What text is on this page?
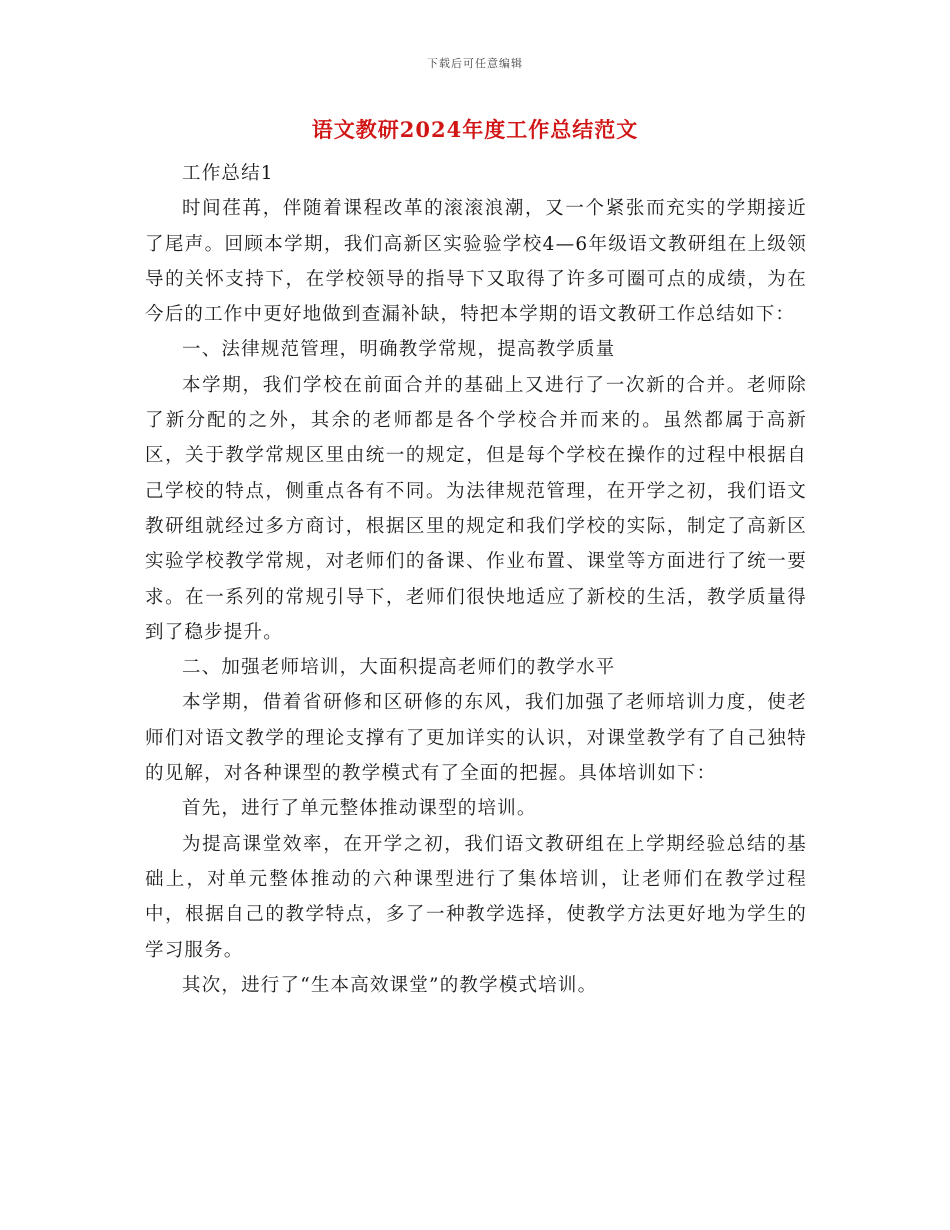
下载后可任意编辑
语文教研2024年度工作总结范文

工作总结1

时间荏苒，伴随着课程改革的滚滚浪潮，又一个紧张而充实的学期接近了尾声。回顾本学期，我们高新区实验验学校4—6年级语文教研组在上级领导的关怀支持下，在学校领导的指导下又取得了许多可圈可点的成绩，为在今后的工作中更好地做到查漏补缺，特把本学期的语文教研工作总结如下：

一、法律规范管理，明确教学常规，提高教学质量

本学期，我们学校在前面合并的基础上又进行了一次新的合并。老师除了新分配的之外，其余的老师都是各个学校合并而来的。虽然都属于高新区，关于教学常规区里由统一的规定，但是每个学校在操作的过程中根据自己学校的特点，侧重点各有不同。为法律规范管理，在开学之初，我们语文教研组就经过多方商讨，根据区里的规定和我们学校的实际，制定了高新区实验学校教学常规，对老师们的备课、作业布置、课堂等方面进行了统一要求。在一系列的常规引导下，老师们很快地适应了新校的生活，教学质量得到了稳步提升。

二、加强老师培训，大面积提高老师们的教学水平

本学期，借着省研修和区研修的东风，我们加强了老师培训力度，使老师们对语文教学的理论支撑有了更加详实的认识，对课堂教学有了自己独特的见解，对各种课型的教学模式有了全面的把握。具体培训如下：

首先，进行了单元整体推动课型的培训。

为提高课堂效率，在开学之初，我们语文教研组在上学期经验总结的基础上，对单元整体推动的六种课型进行了集体培训，让老师们在教学过程中，根据自己的教学特点，多了一种教学选择，使教学方法更好地为学生的学习服务。

其次，进行了“生本高效课堂”的教学模式培训。
